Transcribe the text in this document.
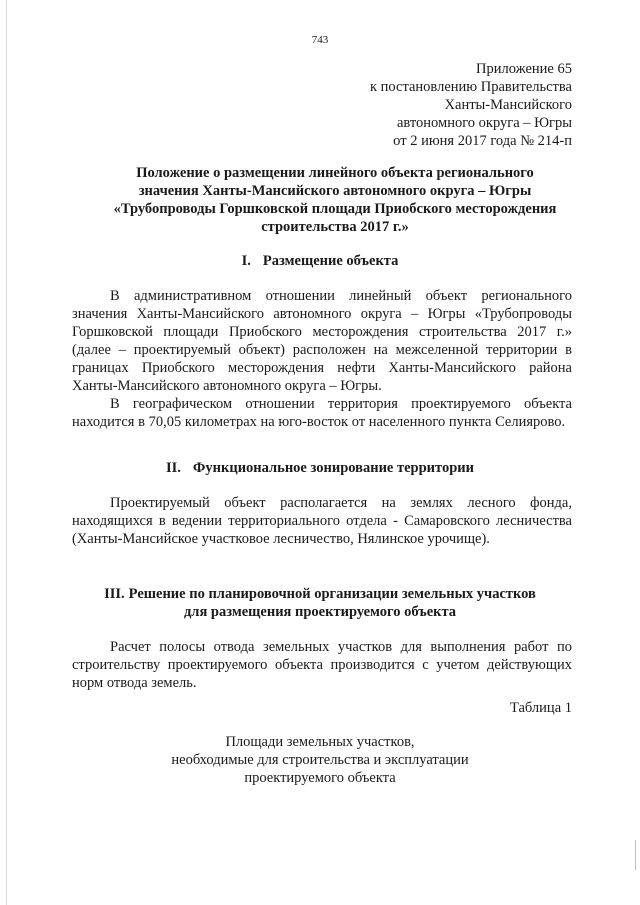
743
Приложение 65
к постановлению Правительства
Ханты-Мансийского
автономного округа – Югры
от 2 июня 2017 года № 214-п
Положение о размещении линейного объекта регионального
значения Ханты-Мансийского автономного округа – Югры
«Трубопроводы Горшковской площади Приобского месторождения
строительства 2017 г.»
I. Размещение объекта

В административном отношении линейный объект регионального значения Ханты-Мансийского автономного округа – Югры «Трубопроводы Горшковской площади Приобского месторождения строительства 2017 г.» (далее – проектируемый объект) расположен на межселенной территории в границах Приобского месторождения нефти Ханты-Мансийского района Ханты-Мансийского автономного округа – Югры.

В географическом отношении территория проектируемого объекта находится в 70,05 километрах на юго-восток от населенного пункта Селиярово.

II. Функциональное зонирование территории

Проектируемый объект располагается на землях лесного фонда, находящихся в ведении территориального отдела - Самаровского лесничества (Ханты-Мансийское участковое лесничество, Нялинское урочище).

III. Решение по планировочной организации земельных участков
для размещения проектируемого объекта

Расчет полосы отвода земельных участков для выполнения работ по строительству проектируемого объекта производится с учетом действующих норм отвода земель.

Таблица 1
Площади земельных участков,
необходимые для строительства и эксплуатации
проектируемого объекта
